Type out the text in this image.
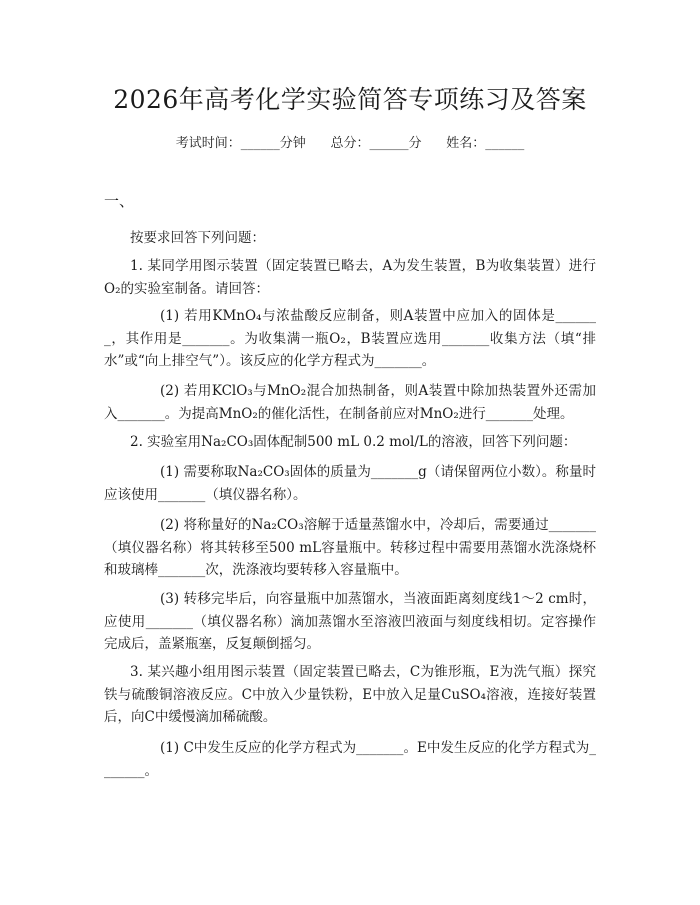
2026年高考化学实验简答专项练习及答案
考试时间：______分钟      总分：______分      姓名：______
一、
按要求回答下列问题：
1. 某同学用图示装置（固定装置已略去，A为发生装置，B为收集装置）进行O₂的实验室制备。请回答：
(1) 若用KMnO₄与浓盐酸反应制备，则A装置中应加入的固体是_______，其作用是_______。为收集满一瓶O₂，B装置应选用_______收集方法（填“排水”或“向上排空气”）。该反应的化学方程式为_______。
(2) 若用KClO₃与MnO₂混合加热制备，则A装置中除加热装置外还需加入_______。为提高MnO₂的催化活性，在制备前应对MnO₂进行_______处理。
2. 实验室用Na₂CO₃固体配制500 mL 0.2 mol/L的溶液，回答下列问题：
(1) 需要称取Na₂CO₃固体的质量为_______g（请保留两位小数）。称量时应该使用_______（填仪器名称）。
(2) 将称量好的Na₂CO₃溶解于适量蒸馏水中，冷却后，需要通过_______（填仪器名称）将其转移至500 mL容量瓶中。转移过程中需要用蒸馏水洗涤烧杯和玻璃棒_______次，洗涤液均要转移入容量瓶中。
(3) 转移完毕后，向容量瓶中加蒸馏水，当液面距离刻度线1～2 cm时，应使用_______（填仪器名称）滴加蒸馏水至溶液凹液面与刻度线相切。定容操作完成后，盖紧瓶塞，反复颠倒摇匀。
3. 某兴趣小组用图示装置（固定装置已略去，C为锥形瓶，E为洗气瓶）探究铁与硫酸铜溶液反应。C中放入少量铁粉，E中放入足量CuSO₄溶液，连接好装置后，向C中缓慢滴加稀硫酸。
(1) C中发生反应的化学方程式为_______。E中发生反应的化学方程式为_______。
